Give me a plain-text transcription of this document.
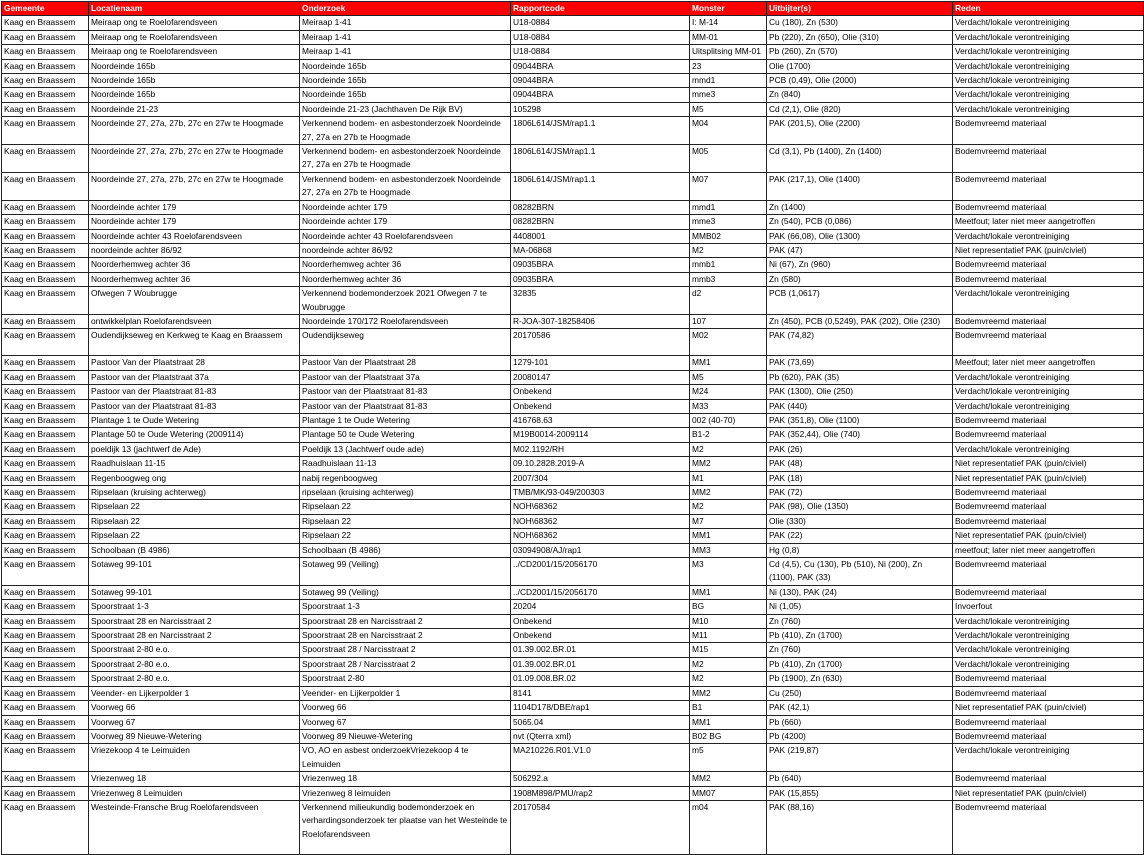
Gemeente	Locatienaam	Onderzoek	Rapportcode	Monster	Uitbijter(s)	Reden
Kaag en Braassem	Meiraap ong te Roelofarendsveen	Meiraap 1-41	U18-0884	I: M-14	Cu (180), Zn (530)	Verdacht/lokale verontreiniging
Kaag en Braassem	Meiraap ong te Roelofarendsveen	Meiraap 1-41	U18-0884	MM-01	Pb (220), Zn (650), Olie (310)	Verdacht/lokale verontreiniging
Kaag en Braassem	Meiraap ong te Roelofarendsveen	Meiraap 1-41	U18-0884	Uitsplitsing MM-01	Pb (260), Zn (570)	Verdacht/lokale verontreiniging
Kaag en Braassem	Noordeinde 165b	Noordeinde 165b	09044BRA	23	Olie (1700)	Verdacht/lokale verontreiniging
Kaag en Braassem	Noordeinde 165b	Noordeinde 165b	09044BRA	mmd1	PCB (0,49), Olie (2000)	Verdacht/lokale verontreiniging
Kaag en Braassem	Noordeinde 165b	Noordeinde 165b	09044BRA	mme3	Zn (840)	Verdacht/lokale verontreiniging
Kaag en Braassem	Noordeinde 21-23	Noordeinde 21-23 (Jachthaven De Rijk BV)	105298	M5	Cd (2,1), Olie (820)	Verdacht/lokale verontreiniging
Kaag en Braassem	Noordeinde 27, 27a, 27b, 27c en 27w te Hoogmade	Verkennend bodem- en asbestonderzoek Noordeinde 27, 27a en 27b te Hoogmade	1806L614/JSM/rap1.1	M04	PAK (201,5), Olie (2200)	Bodemvreemd materiaal
Kaag en Braassem	Noordeinde 27, 27a, 27b, 27c en 27w te Hoogmade	Verkennend bodem- en asbestonderzoek Noordeinde 27, 27a en 27b te Hoogmade	1806L614/JSM/rap1.1	M05	Cd (3,1), Pb (1400), Zn (1400)	Bodemvreemd materiaal
Kaag en Braassem	Noordeinde 27, 27a, 27b, 27c en 27w te Hoogmade	Verkennend bodem- en asbestonderzoek Noordeinde 27, 27a en 27b te Hoogmade	1806L614/JSM/rap1.1	M07	PAK (217,1), Olie (1400)	Bodemvreemd materiaal
Kaag en Braassem	Noordeinde achter 179	Noordeinde achter 179	08282BRN	mmd1	Zn (1400)	Bodemvreemd materiaal
Kaag en Braassem	Noordeinde achter 179	Noordeinde achter 179	08282BRN	mme3	Zn (540), PCB (0,086)	Meetfout; later niet meer aangetroffen
Kaag en Braassem	Noordeinde achter 43 Roelofarendsveen	Noordeinde achter 43 Roelofarendsveen	4408001	MMB02	PAK (66,08), Olie (1300)	Verdacht/lokale verontreiniging
Kaag en Braassem	noordeinde achter 86/92	noordeinde achter 86/92	MA-06868	M2	PAK (47)	Niet representatief PAK (puin/civiel)
Kaag en Braassem	Noorderhemweg achter 36	Noorderhemweg achter 36	09035BRA	mmb1	Ni (67), Zn (960)	Bodemvreemd materiaal
Kaag en Braassem	Noorderhemweg achter 36	Noorderhemweg achter 36	09035BRA	mmb3	Zn (580)	Bodemvreemd materiaal
Kaag en Braassem	Ofwegen 7 Woubrugge	Verkennend bodemonderzoek 2021 Ofwegen 7 te Woubrugge	32835	d2	PCB (1,0617)	Verdacht/lokale verontreiniging
Kaag en Braassem	ontwikkelplan Roelofarendsveen	Noordeinde 170/172 Roelofarendsveen	R-JOA-307-18258406	107	Zn (450), PCB (0,5249), PAK (202), Olie (230)	Bodemvreemd materiaal
Kaag en Braassem	Oudendijkseweg en Kerkweg te Kaag en Braassem	Oudendijkseweg	20170586	M02	PAK (74,82)	Bodemvreemd materiaal
Kaag en Braassem	Pastoor Van der Plaatstraat 28	Pastoor Van der Plaatstraat 28	1279-101	MM1	PAK (73,69)	Meetfout; later niet meer aangetroffen
Kaag en Braassem	Pastoor van der Plaatstraat 37a	Pastoor van der Plaatstraat 37a	20080147	M5	Pb (620), PAK (35)	Verdacht/lokale verontreiniging
Kaag en Braassem	Pastoor van der Plaatstraat 81-83	Pastoor van der Plaatstraat 81-83	Onbekend	M24	PAK (1300), Olie (250)	Verdacht/lokale verontreiniging
Kaag en Braassem	Pastoor van der Plaatstraat 81-83	Pastoor van der Plaatstraat 81-83	Onbekend	M33	PAK (440)	Verdacht/lokale verontreiniging
Kaag en Braassem	Plantage 1 te Oude Wetering	Plantage 1 te Oude Wetering	416768.63	002 (40-70)	PAK (351,8), Olie (1100)	Bodemvreemd materiaal
Kaag en Braassem	Plantage 50 te Oude Wetering (2009114)	Plantage 50 te Oude Wetering	M19B0014-2009114	B1-2	PAK (352,44), Olie (740)	Bodemvreemd materiaal
Kaag en Braassem	poeldijk 13 (jachtwerf de Ade)	Poeldijk 13 (Jachtwerf oude ade)	M02.1192/RH	M2	PAK (26)	Verdacht/lokale verontreiniging
Kaag en Braassem	Raadhuislaan 11-15	Raadhuislaan 11-13	09.10.2828.2019-A	MM2	PAK (48)	Niet representatief PAK (puin/civiel)
Kaag en Braassem	Regenboogweg ong	nabij regenboogweg	2007/304	M1	PAK (18)	Niet representatief PAK (puin/civiel)
Kaag en Braassem	Ripselaan (kruising achterweg)	ripselaan (kruising achterweg)	TMB/MK/93-049/200303	MM2	PAK (72)	Bodemvreemd materiaal
Kaag en Braassem	Ripselaan 22	Ripselaan 22	NOH\68362	M2	PAK (98), Olie (1350)	Bodemvreemd materiaal
Kaag en Braassem	Ripselaan 22	Ripselaan 22	NOH\68362	M7	Olie (330)	Bodemvreemd materiaal
Kaag en Braassem	Ripselaan 22	Ripselaan 22	NOH\68362	MM1	PAK (22)	Niet representatief PAK (puin/civiel)
Kaag en Braassem	Schoolbaan (B 4986)	Schoolbaan (B 4986)	03094908/AJ/rap1	MM3	Hg (0,8)	meetfout; later niet meer aangetroffen
Kaag en Braassem	Sotaweg 99-101	Sotaweg 99 (Veiling)	../CD2001/15/2056170	M3	Cd (4,5), Cu (130), Pb (510), Ni (200), Zn (1100), PAK (33)	Bodemvreemd materiaal
Kaag en Braassem	Sotaweg 99-101	Sotaweg 99 (Veiling)	../CD2001/15/2056170	MM1	Ni (130), PAK (24)	Bodemvreemd materiaal
Kaag en Braassem	Spoorstraat 1-3	Spoorstraat 1-3	20204	BG	Ni (1,05)	Invoerfout
Kaag en Braassem	Spoorstraat 28 en Narcisstraat 2	Spoorstraat 28 en Narcisstraat 2	Onbekend	M10	Zn (760)	Verdacht/lokale verontreiniging
Kaag en Braassem	Spoorstraat 28 en Narcisstraat 2	Spoorstraat 28 en Narcisstraat 2	Onbekend	M11	Pb (410), Zn (1700)	Verdacht/lokale verontreiniging
Kaag en Braassem	Spoorstraat 2-80 e.o.	Spoorstraat 28 / Narcisstraat 2	01.39.002.BR.01	M15	Zn (760)	Verdacht/lokale verontreiniging
Kaag en Braassem	Spoorstraat 2-80 e.o.	Spoorstraat 28 / Narcisstraat 2	01.39.002.BR.01	M2	Pb (410), Zn (1700)	Verdacht/lokale verontreiniging
Kaag en Braassem	Spoorstraat 2-80 e.o.	Spoorstraat 2-80	01.09.008.BR.02	M2	Pb (1900), Zn (630)	Bodemvreemd materiaal
Kaag en Braassem	Veender- en Lijkerpolder 1	Veender- en Lijkerpolder 1	8141	MM2	Cu (250)	Bodemvreemd materiaal
Kaag en Braassem	Voorweg 66	Voorweg 66	1104D178/DBE/rap1	B1	PAK (42,1)	Niet representatief PAK (puin/civiel)
Kaag en Braassem	Voorweg 67	Voorweg 67	5065.04	MM1	Pb (660)	Bodemvreemd materiaal
Kaag en Braassem	Voorweg 89 Nieuwe-Wetering	Voorweg 89 Nieuwe-Wetering	nvt (Qterra xml)	B02 BG	Pb (4200)	Bodemvreemd materiaal
Kaag en Braassem	Vriezekoop 4 te Leimuiden	VO, AO en asbest onderzoekVriezekoop 4 te Leimuiden	MA210226.R01.V1.0	m5	PAK (219,87)	Verdacht/lokale verontreiniging
Kaag en Braassem	Vriezenweg 18	Vriezenweg 18	506292.a	MM2	Pb (640)	Bodemvreemd materiaal
Kaag en Braassem	Vriezenweg 8 Leimuiden	Vriezenweg 8 leimuiden	1908M898/PMU/rap2	MM07	PAK (15,855)	Niet representatief PAK (puin/civiel)
Kaag en Braassem	Westeinde-Fransche Brug Roelofarendsveen	Verkennend milieukundig bodemonderzoek en verhardingsonderzoek ter plaatse van het Westeinde te Roelofarendsveen	20170584	m04	PAK (88,16)	Bodemvreemd materiaal
